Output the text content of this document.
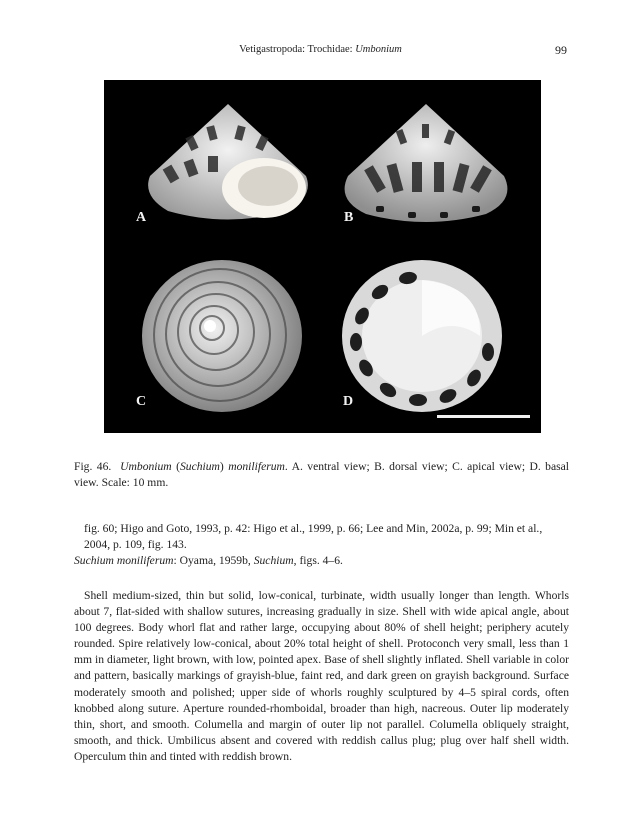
Vetigastropoda: Trochidae: Umbonium	99
A	B
C	D
Fig. 46. Umbonium (Suchium) moniliferum. A. ventral view; B. dorsal view; C. apical view; D. basal view. Scale: 10 mm.

fig. 60; Higo and Goto, 1993, p. 42: Higo et al., 1999, p. 66; Lee and Min, 2002a, p. 99; Min et al., 2004, p. 109, fig. 143.

Suchium moniliferum: Oyama, 1959b, Suchium, figs. 4–6.

Shell medium-sized, thin but solid, low-conical, turbinate, width usually longer than length. Whorls about 7, flat-sided with shallow sutures, increasing gradually in size. Shell with wide apical angle, about 100 degrees. Body whorl flat and rather large, occupying about 80% of shell height; periphery acutely rounded. Spire relatively low-conical, about 20% total height of shell. Protoconch very small, less than 1 mm in diameter, light brown, with low, pointed apex. Base of shell slightly inflated. Shell variable in color and pattern, basically markings of grayish-blue, faint red, and dark green on grayish background. Surface moderately smooth and polished; upper side of whorls roughly sculptured by 4–5 spiral cords, often knobbed along suture. Aperture rounded-rhomboidal, broader than high, nacreous. Outer lip moderately thin, short, and smooth. Columella and margin of outer lip not parallel. Columella obliquely straight, smooth, and thick. Umbilicus absent and covered with reddish callus plug; plug over half shell width. Operculum thin and tinted with reddish brown.
